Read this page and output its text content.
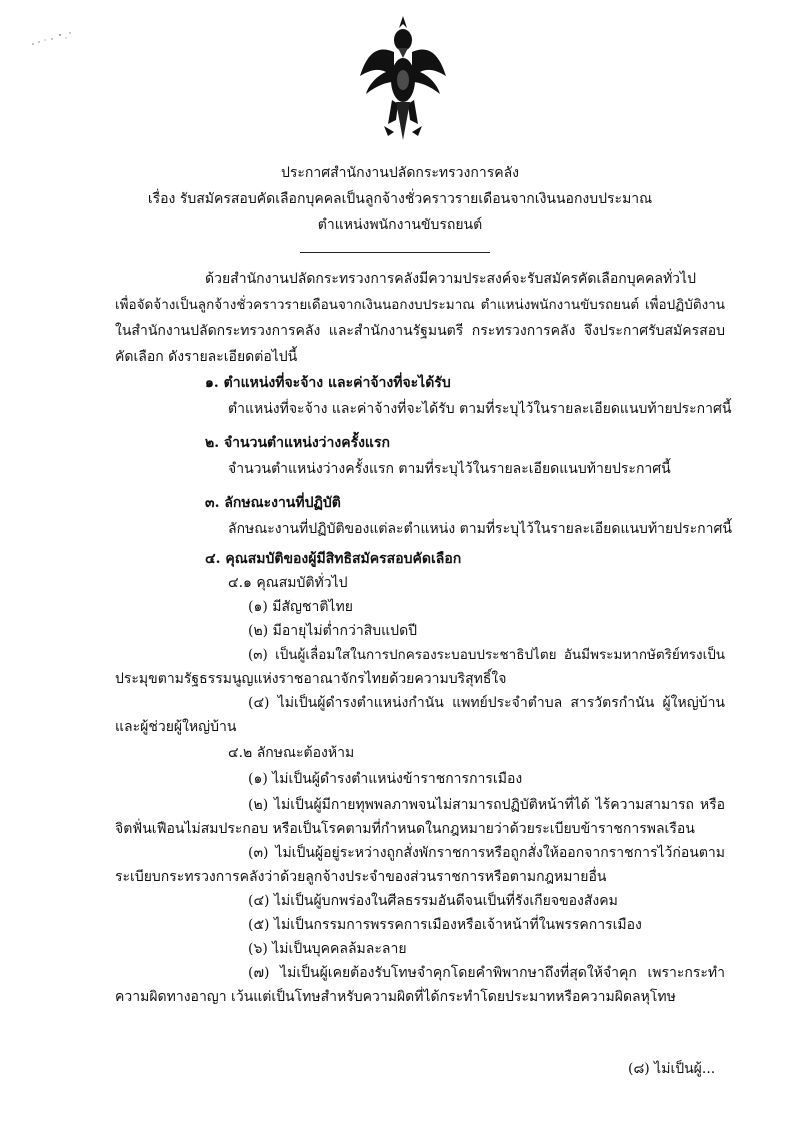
ประกาศสำนักงานปลัดกระทรวงการคลัง
เรื่อง รับสมัครสอบคัดเลือกบุคคลเป็นลูกจ้างชั่วคราวรายเดือนจากเงินนอกงบประมาณ
ตำแหน่งพนักงานขับรถยนต์
ด้วยสำนักงานปลัดกระทรวงการคลังมีความประสงค์จะรับสมัครคัดเลือกบุคคลทั่วไป
เพื่อจัดจ้างเป็นลูกจ้างชั่วคราวรายเดือนจากเงินนอกงบประมาณ ตำแหน่งพนักงานขับรถยนต์ เพื่อปฏิบัติงาน
ในสำนักงานปลัดกระทรวงการคลัง และสำนักงานรัฐมนตรี กระทรวงการคลัง จึงประกาศรับสมัครสอบ
คัดเลือก ดังรายละเอียดต่อไปนี้
๑. ตำแหน่งที่จะจ้าง และค่าจ้างที่จะได้รับ
ตำแหน่งที่จะจ้าง และค่าจ้างที่จะได้รับ ตามที่ระบุไว้ในรายละเอียดแนบท้ายประกาศนี้
๒. จำนวนตำแหน่งว่างครั้งแรก
จำนวนตำแหน่งว่างครั้งแรก ตามที่ระบุไว้ในรายละเอียดแนบท้ายประกาศนี้
๓. ลักษณะงานที่ปฏิบัติ
ลักษณะงานที่ปฏิบัติของแต่ละตำแหน่ง ตามที่ระบุไว้ในรายละเอียดแนบท้ายประกาศนี้
๔. คุณสมบัติของผู้มีสิทธิสมัครสอบคัดเลือก
๔.๑ คุณสมบัติทั่วไป
(๑) มีสัญชาติไทย
(๒) มีอายุไม่ต่ำกว่าสิบแปดปี
(๓) เป็นผู้เลื่อมใสในการปกครองระบอบประชาธิปไตย อันมีพระมหากษัตริย์ทรงเป็น
ประมุขตามรัฐธรรมนูญแห่งราชอาณาจักรไทยด้วยความบริสุทธิ์ใจ
(๔) ไม่เป็นผู้ดำรงตำแหน่งกำนัน แพทย์ประจำตำบล สารวัตรกำนัน ผู้ใหญ่บ้าน
และผู้ช่วยผู้ใหญ่บ้าน
๔.๒ ลักษณะต้องห้าม
(๑) ไม่เป็นผู้ดำรงตำแหน่งข้าราชการการเมือง
(๒) ไม่เป็นผู้มีกายทุพพลภาพจนไม่สามารถปฏิบัติหน้าที่ได้ ไร้ความสามารถ หรือ
จิตฟั่นเฟือนไม่สมประกอบ หรือเป็นโรคตามที่กำหนดในกฎหมายว่าด้วยระเบียบข้าราชการพลเรือน
(๓) ไม่เป็นผู้อยู่ระหว่างถูกสั่งพักราชการหรือถูกสั่งให้ออกจากราชการไว้ก่อนตาม
ระเบียบกระทรวงการคลังว่าด้วยลูกจ้างประจำของส่วนราชการหรือตามกฎหมายอื่น
(๔) ไม่เป็นผู้บกพร่องในศีลธรรมอันดีจนเป็นที่รังเกียจของสังคม
(๕) ไม่เป็นกรรมการพรรคการเมืองหรือเจ้าหน้าที่ในพรรคการเมือง
(๖) ไม่เป็นบุคคลล้มละลาย
(๗) ไม่เป็นผู้เคยต้องรับโทษจำคุกโดยคำพิพากษาถึงที่สุดให้จำคุก เพราะกระทำ
ความผิดทางอาญา เว้นแต่เป็นโทษสำหรับความผิดที่ได้กระทำโดยประมาทหรือความผิดลหุโทษ
(๘) ไม่เป็นผู้...
